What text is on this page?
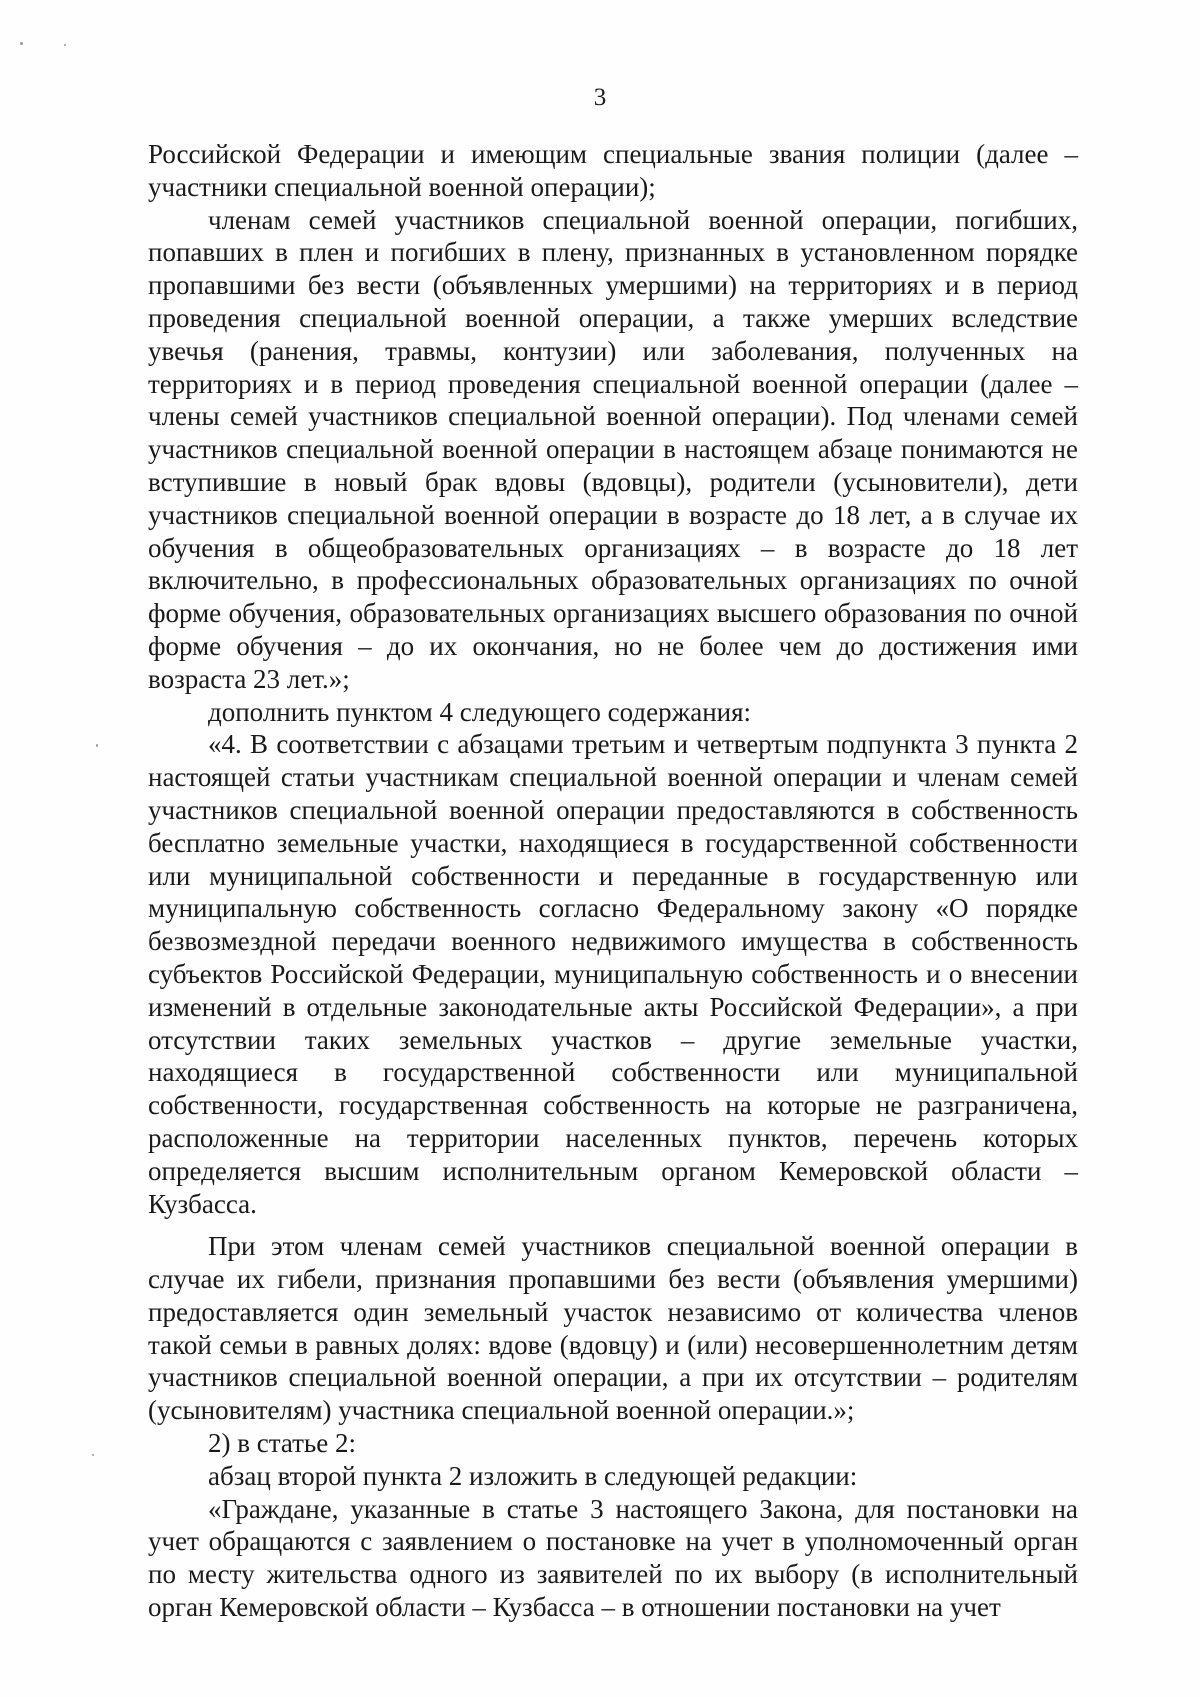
3

Российской Федерации и имеющим специальные звания полиции (далее – участники специальной военной операции);

членам семей участников специальной военной операции, погибших, попавших в плен и погибших в плену, признанных в установленном порядке пропавшими без вести (объявленных умершими) на территориях и в период проведения специальной военной операции, а также умерших вследствие увечья (ранения, травмы, контузии) или заболевания, полученных на территориях и в период проведения специальной военной операции (далее – члены семей участников специальной военной операции). Под членами семей участников специальной военной операции в настоящем абзаце понимаются не вступившие в новый брак вдовы (вдовцы), родители (усыновители), дети участников специальной военной операции в возрасте до 18 лет, а в случае их обучения в общеобразовательных организациях – в возрасте до 18 лет включительно, в профессиональных образовательных организациях по очной форме обучения, образовательных организациях высшего образования по очной форме обучения – до их окончания, но не более чем до достижения ими возраста 23 лет.»;

дополнить пунктом 4 следующего содержания:

«4. В соответствии с абзацами третьим и четвертым подпункта 3 пункта 2 настоящей статьи участникам специальной военной операции и членам семей участников специальной военной операции предоставляются в собственность бесплатно земельные участки, находящиеся в государственной собственности или муниципальной собственности и переданные в государственную или муниципальную собственность согласно Федеральному закону «О порядке безвозмездной передачи военного недвижимого имущества в собственность субъектов Российской Федерации, муниципальную собственность и о внесении изменений в отдельные законодательные акты Российской Федерации», а при отсутствии таких земельных участков – другие земельные участки, находящиеся в государственной собственности или муниципальной собственности, государственная собственность на которые не разграничена, расположенные на территории населенных пунктов, перечень которых определяется высшим исполнительным органом Кемеровской области – Кузбасса.

При этом членам семей участников специальной военной операции в случае их гибели, признания пропавшими без вести (объявления умершими) предоставляется один земельный участок независимо от количества членов такой семьи в равных долях: вдове (вдовцу) и (или) несовершеннолетним детям участников специальной военной операции, а при их отсутствии – родителям (усыновителям) участника специальной военной операции.»;

2) в статье 2:

абзац второй пункта 2 изложить в следующей редакции:

«Граждане, указанные в статье 3 настоящего Закона, для постановки на учет обращаются с заявлением о постановке на учет в уполномоченный орган по месту жительства одного из заявителей по их выбору (в исполнительный орган Кемеровской области – Кузбасса – в отношении постановки на учет
